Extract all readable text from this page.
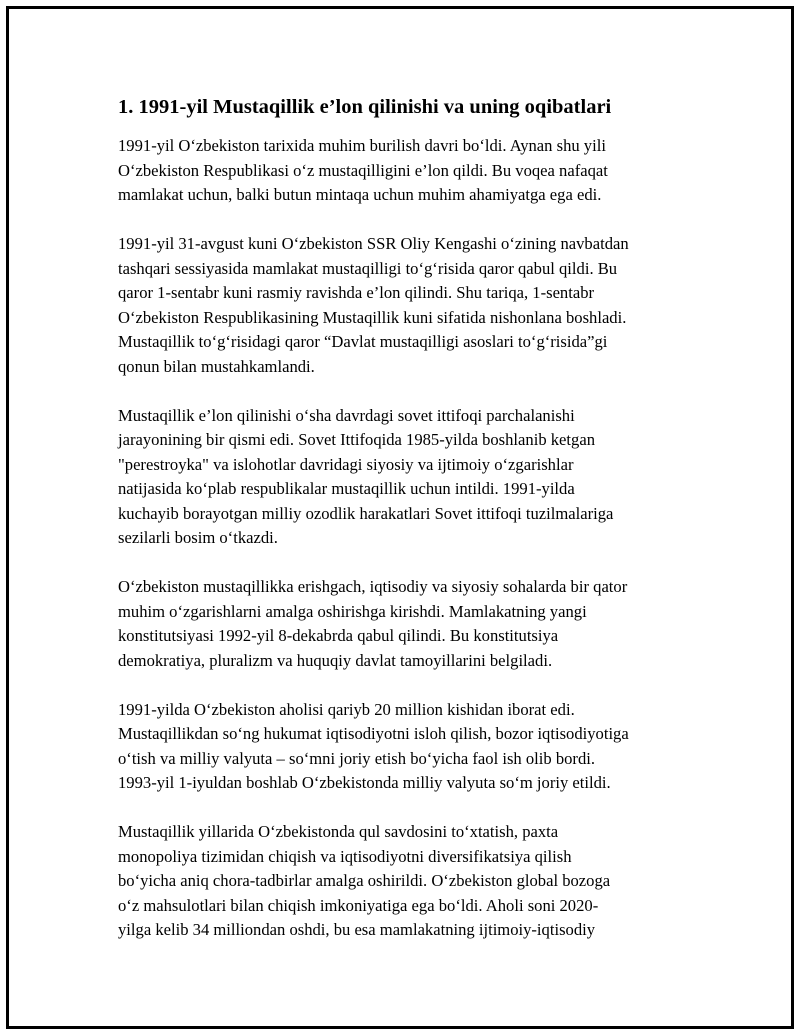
1. 1991-yil Mustaqillik e’lon qilinishi va uning oqibatlari

1991-yil O‘zbekiston tarixida muhim burilish davri bo‘ldi. Aynan shu yili
O‘zbekiston Respublikasi o‘z mustaqilligini e’lon qildi. Bu voqea nafaqat
mamlakat uchun, balki butun mintaqa uchun muhim ahamiyatga ega edi.

1991-yil 31-avgust kuni O‘zbekiston SSR Oliy Kengashi o‘zining navbatdan
tashqari sessiyasida mamlakat mustaqilligi to‘g‘risida qaror qabul qildi. Bu
qaror 1-sentabr kuni rasmiy ravishda e’lon qilindi. Shu tariqa, 1-sentabr
O‘zbekiston Respublikasining Mustaqillik kuni sifatida nishonlana boshladi.
Mustaqillik to‘g‘risidagi qaror “Davlat mustaqilligi asoslari to‘g‘risida”gi
qonun bilan mustahkamlandi.

Mustaqillik e’lon qilinishi o‘sha davrdagi sovet ittifoqi parchalanishi
jarayonining bir qismi edi. Sovet Ittifoqida 1985-yilda boshlanib ketgan
"perestroyka" va islohotlar davridagi siyosiy va ijtimoiy o‘zgarishlar
natijasida ko‘plab respublikalar mustaqillik uchun intildi. 1991-yilda
kuchayib borayotgan milliy ozodlik harakatlari Sovet ittifoqi tuzilmalariga
sezilarli bosim o‘tkazdi.

O‘zbekiston mustaqillikka erishgach, iqtisodiy va siyosiy sohalarda bir qator
muhim o‘zgarishlarni amalga oshirishga kirishdi. Mamlakatning yangi
konstitutsiyasi 1992-yil 8-dekabrda qabul qilindi. Bu konstitutsiya
demokratiya, pluralizm va huquqiy davlat tamoyillarini belgiladi.

1991-yilda O‘zbekiston aholisi qariyb 20 million kishidan iborat edi.
Mustaqillikdan so‘ng hukumat iqtisodiyotni isloh qilish, bozor iqtisodiyotiga
o‘tish va milliy valyuta – so‘mni joriy etish bo‘yicha faol ish olib bordi.
1993-yil 1-iyuldan boshlab O‘zbekistonda milliy valyuta so‘m joriy etildi.

Mustaqillik yillarida O‘zbekistonda qul savdosini to‘xtatish, paxta
monopoliya tizimidan chiqish va iqtisodiyotni diversifikatsiya qilish
bo‘yicha aniq chora-tadbirlar amalga oshirildi. O‘zbekiston global bozoga
o‘z mahsulotlari bilan chiqish imkoniyatiga ega bo‘ldi. Aholi soni 2020-
yilga kelib 34 milliondan oshdi, bu esa mamlakatning ijtimoiy-iqtisodiy
